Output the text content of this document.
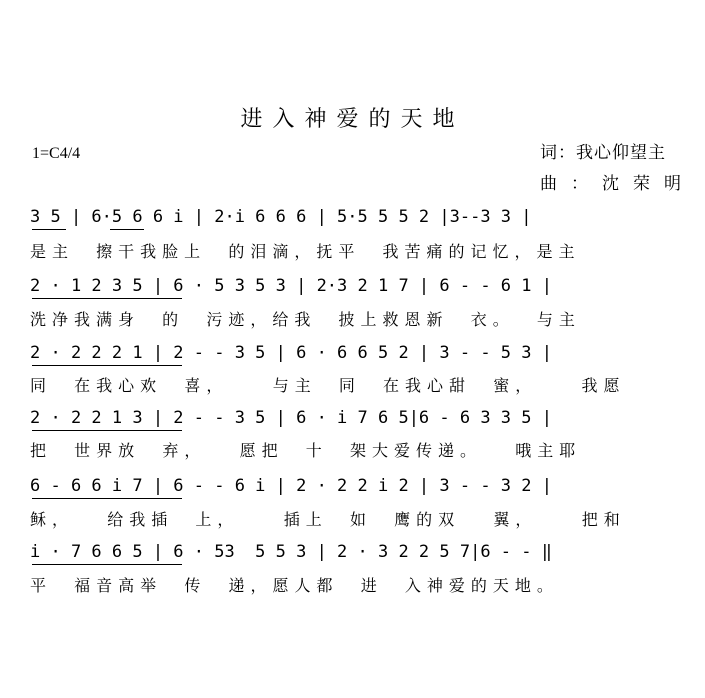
进入神爱的天地
1=C4/4	词：我心仰望主
曲：沈荣明
3 5 | 6·5 6 6 i | 2·i 6 6 6 | 5·5 5 5 2 |3--3 3 |
是主  擦干我脸上  的泪滴，抚平  我苦痛的记忆，是主
2 · 1 2 3 5 | 6 · 5 3 5 3 | 2·3 2 1 7 | 6 - - 6 1 |
洗净我满身  的  污迹，给我  披上救恩新  衣。  与主
2 · 2 2 2 1 | 2 - - 3 5 | 6 · 6 6 5 2 | 3 - - 5 3 |
同  在我心欢  喜，    与主  同  在我心甜  蜜，    我愿
2 · 2 2 1 3 | 2 - - 3 5 | 6 · i 7 6 5|6 - 6 3 3 5 |
把  世界放  弃，   愿把  十  架大爱传递。   哦主耶
6 - 6 6 i 7 | 6 - - 6 i | 2 · 2 2 i 2 | 3 - - 3 2 |
稣，   给我插  上，    插上  如  鹰的双   翼，    把和
i · 7 6 6 5 | 6 · 53  5 5 3 | 2 · 3 2 2 5 7|6 - - ‖
平  福音高举  传  递，愿人都  进  入神爱的天地。
